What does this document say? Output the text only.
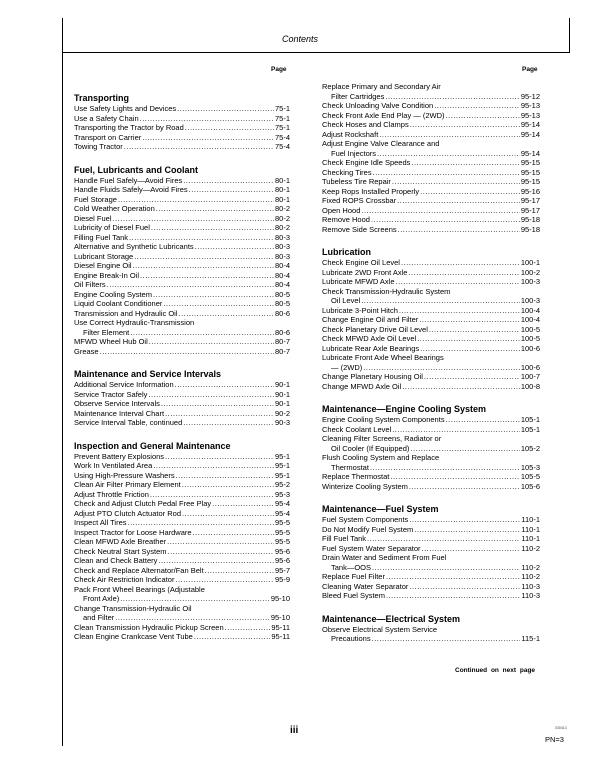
Contents
Page	Page
Transporting
Use Safety Lights and Devices .....	75-1
Use a Safety Chain .....	75-1
Transporting the Tractor by Road .....	75-1
Transport on Carrier .....	75-4
Towing Tractor .....	75-4
Fuel, Lubricants and Coolant
Handle Fuel Safely—Avoid Fires .....	80-1
Handle Fluids Safely—Avoid Fires .....	80-1
Fuel Storage .....	80-1
Cold Weather Operation .....	80-2
Diesel Fuel .....	80-2
Lubricity of Diesel Fuel .....	80-2
Filling Fuel Tank .....	80-3
Alternative and Synthetic Lubricants .....	80-3
Lubricant Storage .....	80-3
Diesel Engine Oil .....	80-4
Engine Break-In Oil .....	80-4
Oil Filters .....	80-4
Engine Cooling System .....	80-5
Liquid Coolant Conditioner .....	80-5
Transmission and Hydraulic Oil .....	80-6
Use Correct Hydraulic-Transmission
Filter Element .....	80-6
MFWD Wheel Hub Oil .....	80-7
Grease .....	80-7
Maintenance and Service Intervals
Additional Service Information .....	90-1
Service Tractor Safely .....	90-1
Observe Service Intervals .....	90-1
Maintenance Interval Chart .....	90-2
Service Interval Table, continued .....	90-3
Inspection and General Maintenance
Prevent Battery Explosions .....	95-1
Work In Ventilated Area .....	95-1
Using High-Pressure Washers .....	95-1
Clean Air Filter Primary Element .....	95-2
Adjust Throttle Friction .....	95-3
Check and Adjust Clutch Pedal Free Play .....	95-4
Adjust PTO Clutch Actuator Rod .....	95-4
Inspect All Tires .....	95-5
Inspect Tractor for Loose Hardware .....	95-5
Clean MFWD Axle Breather .....	95-5
Check Neutral Start System .....	95-6
Clean and Check Battery .....	95-6
Check and Replace Alternator/Fan Belt .....	95-7
Check Air Restriction Indicator .....	95-9
Pack Front Wheel Bearings (Adjustable
Front Axle) .....	95-10
Change Transmission-Hydraulic Oil
and Filter .....	95-10
Clean Transmission Hydraulic Pickup Screen .....	95-11
Clean Engine Crankcase Vent Tube .....	95-11
Replace Primary and Secondary Air
Filter Cartridges .....	95-12
Check Unloading Valve Condition .....	95-13
Check Front Axle End Play — (2WD) .....	95-13
Check Hoses and Clamps .....	95-14
Adjust Rockshaft .....	95-14
Adjust Engine Valve Clearance and
Fuel Injectors .....	95-14
Check Engine Idle Speeds .....	95-15
Checking Tires .....	95-15
Tubeless Tire Repair .....	95-15
Keep Rops Installed Properly .....	95-16
Fixed ROPS Crossbar .....	95-17
Open Hood .....	95-17
Remove Hood .....	95-18
Remove Side Screens .....	95-18
Lubrication
Check Engine Oil Level .....	100-1
Lubricate 2WD Front Axle .....	100-2
Lubricate MFWD Axle .....	100-3
Check Transmission-Hydraulic System
Oil Level .....	100-3
Lubricate 3-Point Hitch .....	100-4
Change Engine Oil and Filter .....	100-4
Check Planetary Drive Oil Level .....	100-5
Check MFWD Axle Oil Level .....	100-5
Lubricate Rear Axle Bearings .....	100-6
Lubricate Front Axle Wheel Bearings
— (2WD) .....	100-6
Change Planetary Housing Oil .....	100-7
Change MFWD Axle Oil .....	100-8
Maintenance—Engine Cooling System
Engine Cooling System Components .....	105-1
Check Coolant Level .....	105-1
Cleaning Filter Screens, Radiator or
Oil Cooler (If Equipped) .....	105-2
Flush Cooling System and Replace
Thermostat .....	105-3
Replace Thermostat .....	105-5
Winterize Cooling System .....	105-6
Maintenance—Fuel System
Fuel System Components .....	110-1
Do Not Modify Fuel System .....	110-1
Fill Fuel Tank .....	110-1
Fuel System Water Separator .....	110-2
Drain Water and Sediment From Fuel
Tank—OOS .....	110-2
Replace Fuel Filter .....	110-2
Cleaning Water Separator .....	110-3
Bleed Fuel System .....	110-3
Maintenance—Electrical System
Observe Electrical System Service
Precautions .....	115-1
Continued on next page
iii	030413
PN=3
